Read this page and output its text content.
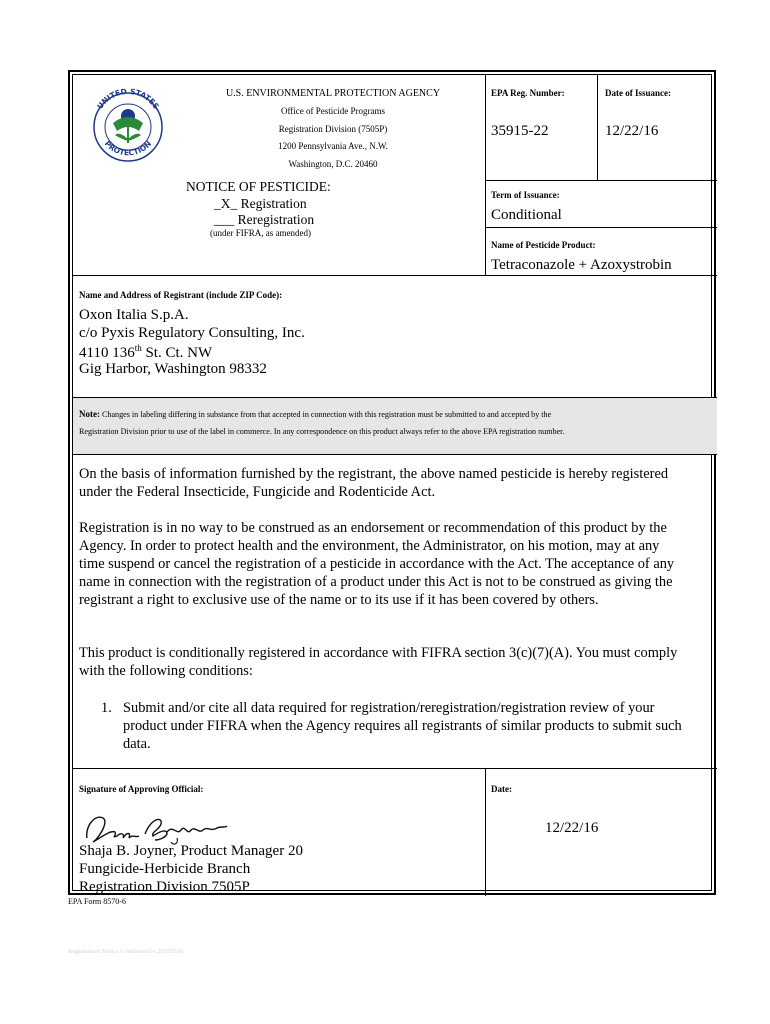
UNITED STATES
PROTECTION
U.S. ENVIRONMENTAL PROTECTION AGENCY
Office of Pesticide Programs
Registration Division (7505P)
1200 Pennsylvania Ave., N.W.
Washington, D.C. 20460
NOTICE OF PESTICIDE:
_X_ Registration
___ Reregistration
(under FIFRA, as amended)
EPA Reg. Number:
35915-22
Date of Issuance:
12/22/16
Term of Issuance:
Conditional
Name of Pesticide Product:
Tetraconazole + Azoxystrobin
Name and Address of Registrant (include ZIP Code):
Oxon Italia S.p.A.
c/o Pyxis Regulatory Consulting, Inc.
4110 136th St. Ct. NW
Gig Harbor, Washington 98332
Note: Changes in labeling differing in substance from that accepted in connection with this registration must be submitted to and accepted by the
Registration Division prior to use of the label in commerce. In any correspondence on this product always refer to the above EPA registration number.
On the basis of information furnished by the registrant, the above named pesticide is hereby registered
under the Federal Insecticide, Fungicide and Rodenticide Act.
Registration is in no way to be construed as an endorsement or recommendation of this product by the
Agency. In order to protect health and the environment, the Administrator, on his motion, may at any
time suspend or cancel the registration of a pesticide in accordance with the Act. The acceptance of any
name in connection with the registration of a product under this Act is not to be construed as giving the
registrant a right to exclusive use of the name or to its use if it has been covered by others.
This product is conditionally registered in accordance with FIFRA section 3(c)(7)(A). You must comply
with the following conditions:
1. Submit and/or cite all data required for registration/reregistration/registration review of your
product under FIFRA when the Agency requires all registrants of similar products to submit such
data.
Signature of Approving Official:
Shaja B. Joyner, Product Manager 20
Fungicide-Herbicide Branch
Registration Division 7505P
Date:
12/22/16
EPA Form 8570-6
Registration Notice Conditional v.20150520
